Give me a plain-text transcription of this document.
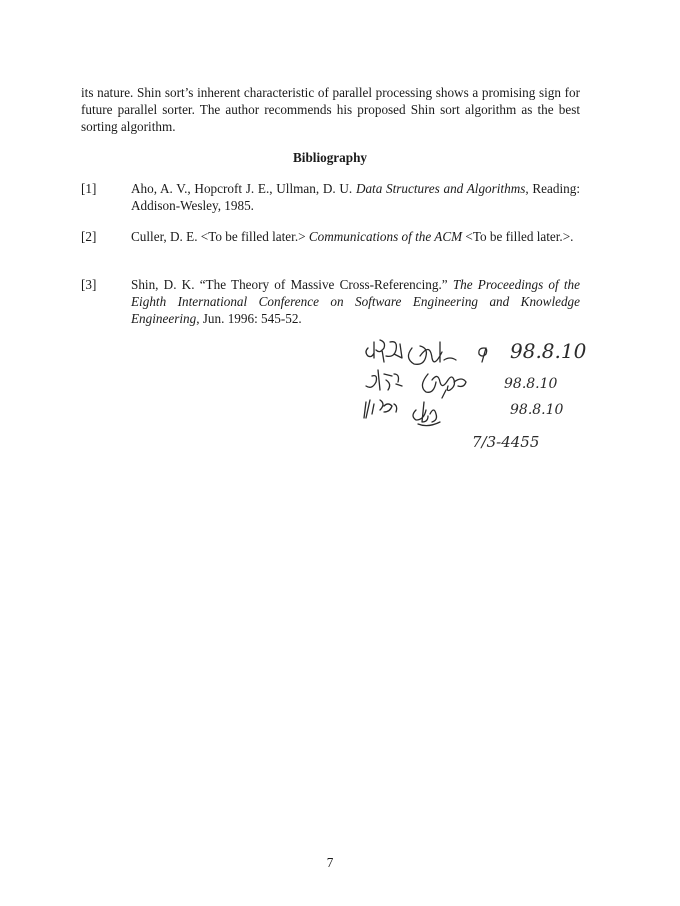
its nature. Shin sort’s inherent characteristic of parallel processing shows a promising sign for future parallel sorter. The author recommends his proposed Shin sort algorithm as the best sorting algorithm.

Bibliography
[1]	Aho, A. V., Hopcroft J. E., Ullman, D. U. Data Structures and Algorithms, Reading: Addison-Wesley, 1985.
[2]	Culler, D. E. <To be filled later.> Communications of the ACM <To be filled later.>.
[3]	Shin, D. K. “The Theory of Massive Cross-Referencing.” The Proceedings of the Eighth International Conference on Software Engineering and Knowledge Engineering, Jun. 1996: 545-52.
98.8.10
98.8.10
98.8.10
7/3-4455
7
